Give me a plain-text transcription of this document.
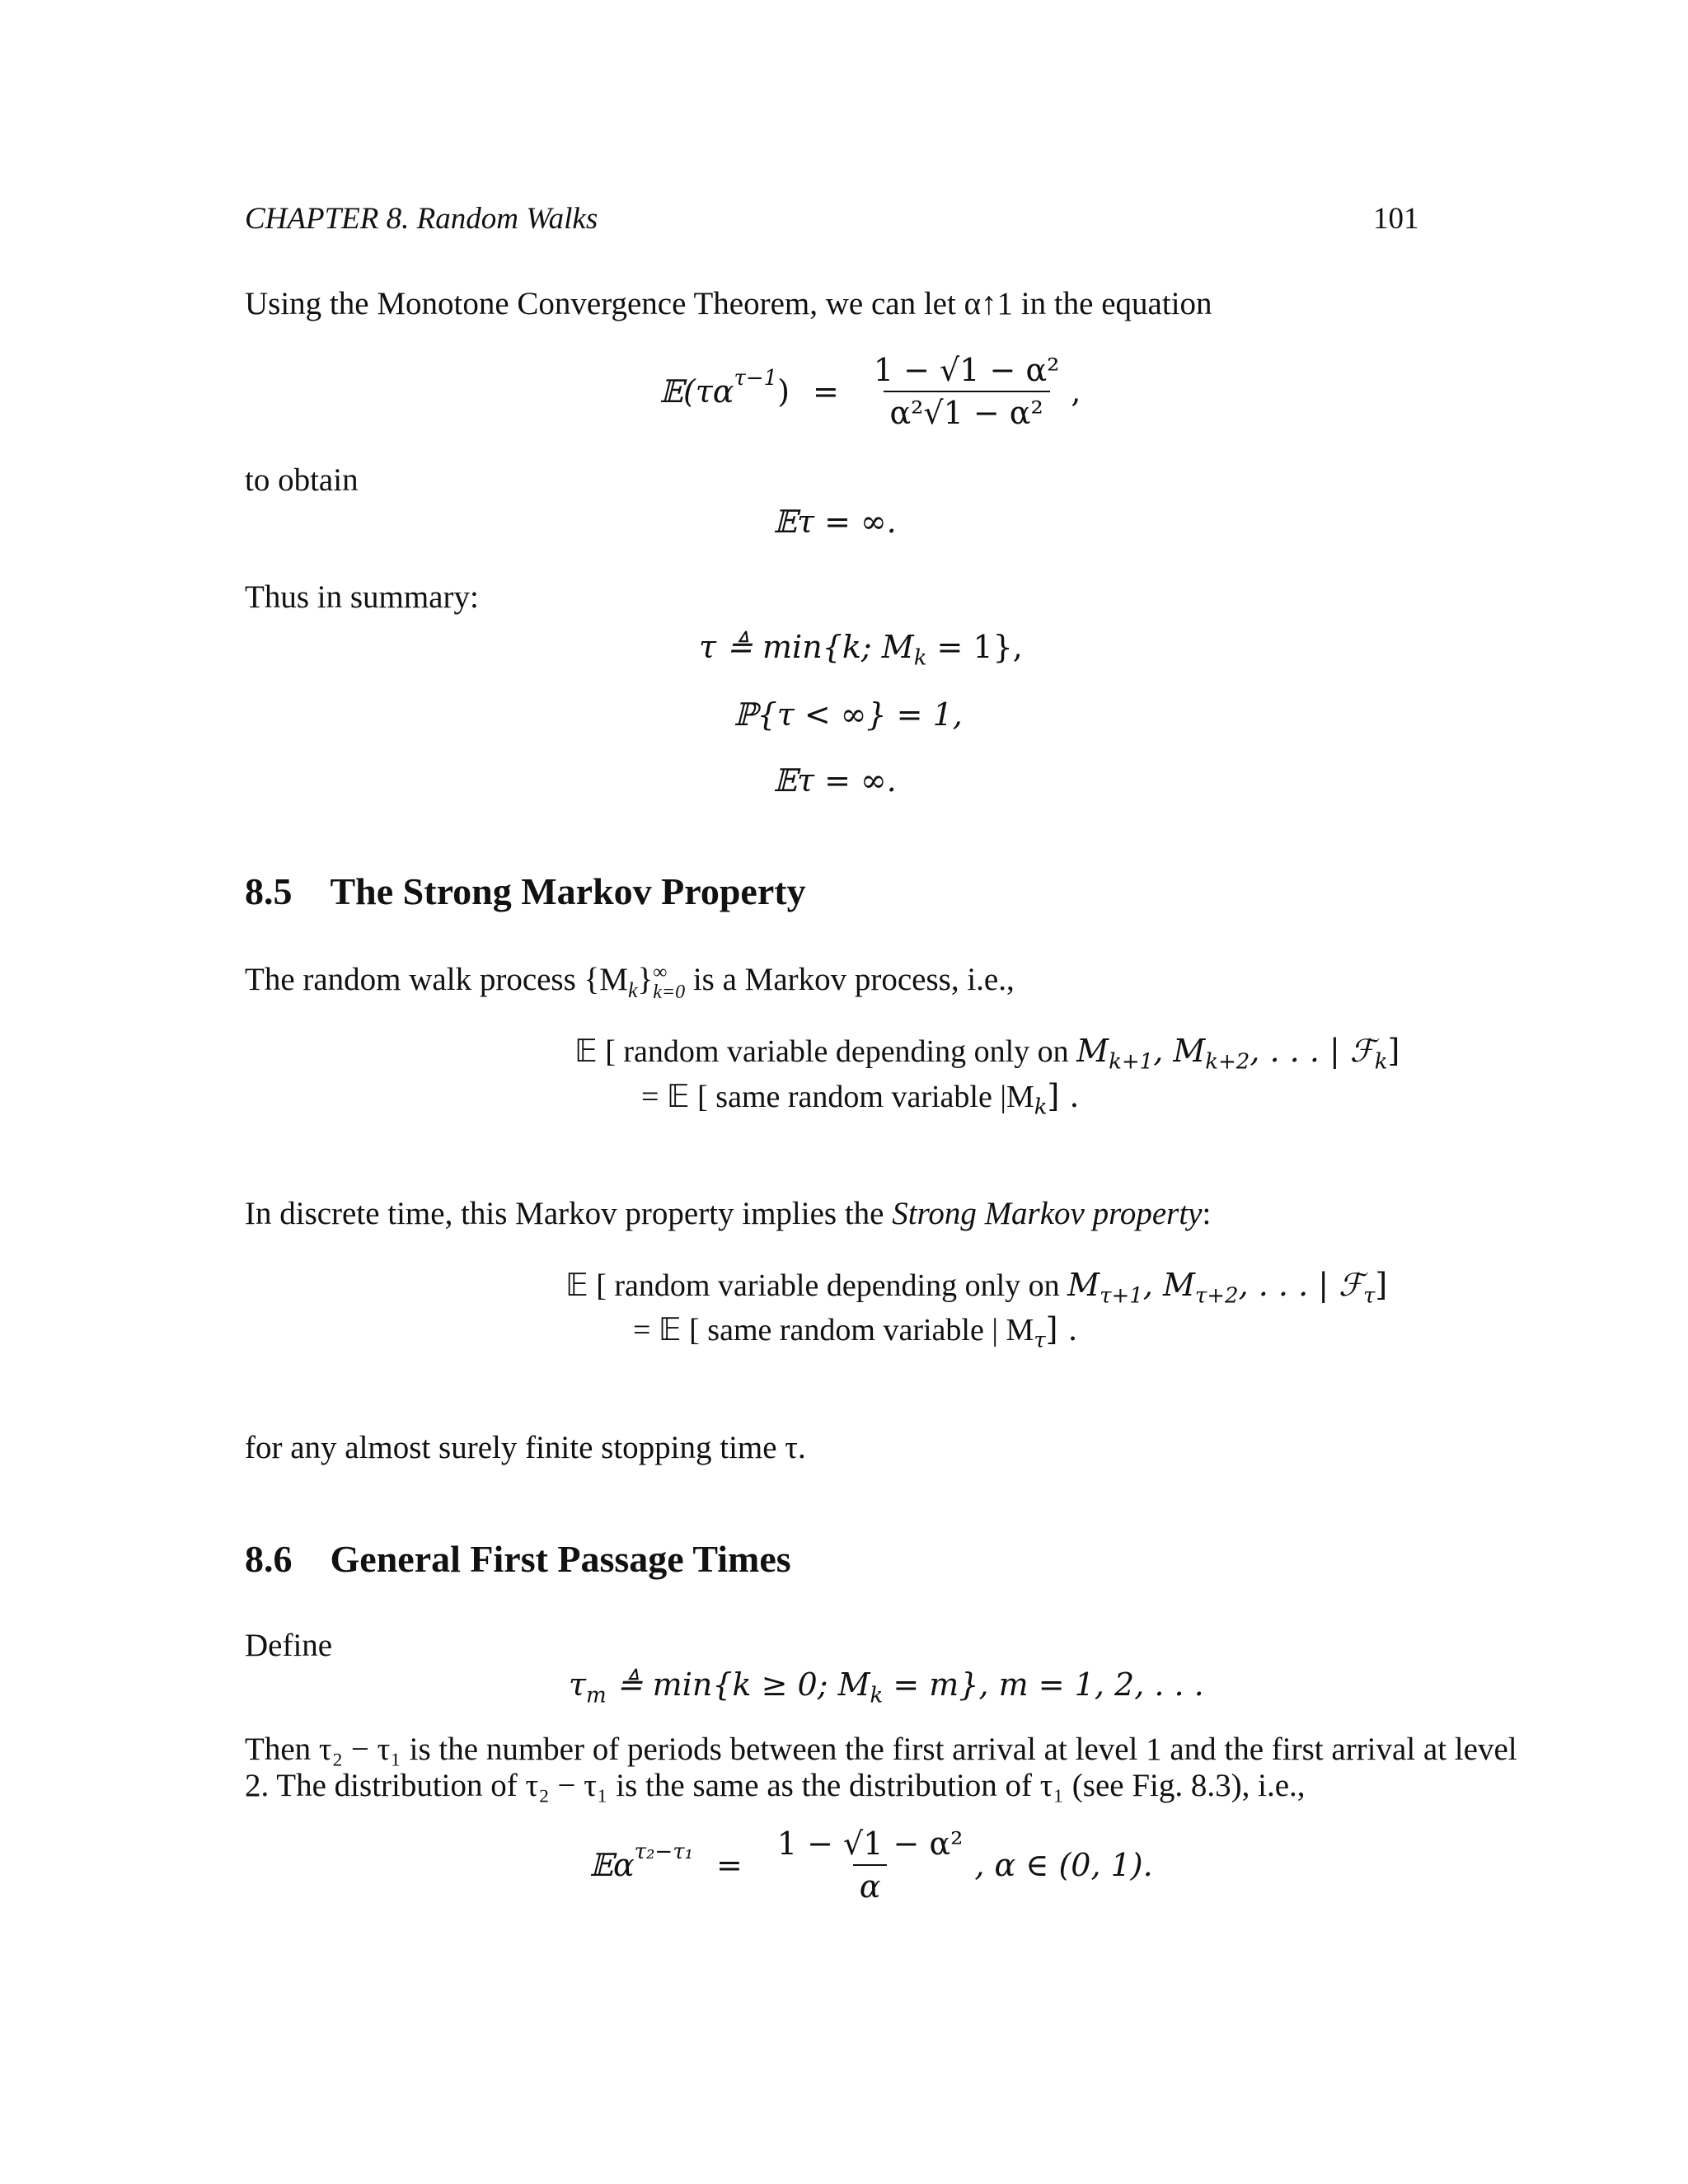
CHAPTER 8. Random Walks	101
Using the Monotone Convergence Theorem, we can let α↑1 in the equation
$𝔼(\tau\alpha^{\tau-1}$ ) = $\frac{\text{1 − √1 − α²}}{\text{α²√1 − α²}}$ ,
to obtain
𝔼τ = ∞.
Thus in summary:
τ ≜ min{k; $M_k = 1$},
ℙ{τ < ∞} = 1,
𝔼τ = ∞.
8.5 The Strong Markov Property
The random walk process $\{M_k\}$ ∞
k=0 is a Markov process, i.e.,
𝔼 [ random variable depending only on $M_{k+1}$, $M_{k+2}$, . . . | ℱ$_k$]
= 𝔼 [ same random variable $|M_k$] .
In discrete time, this Markov property implies the Strong Markov property:
𝔼 [ random variable depending only on $M_{\tau+1}$, $M_{\tau+2}$, . . . | ℱ$_\tau$]
= 𝔼 [ same random variable | $M_\tau$] .
for any almost surely finite stopping time τ.
8.6 General First Passage Times
Define
$\tau_m$ ≜ min{k ≥ 0; $M_k = m$}, m = 1, 2, . . .
Then τ₂ − τ₁ is the number of periods between the first arrival at level 1 and the first arrival at level
2. The distribution of τ₂ − τ₁ is the same as the distribution of τ₁ (see Fig. 8.3), i.e.,
𝔼α$^{\tau_2-\tau_1}$ = $\frac{\text{1 − √1 − α²}}{\alpha}$ , α ∈ (0, 1).
